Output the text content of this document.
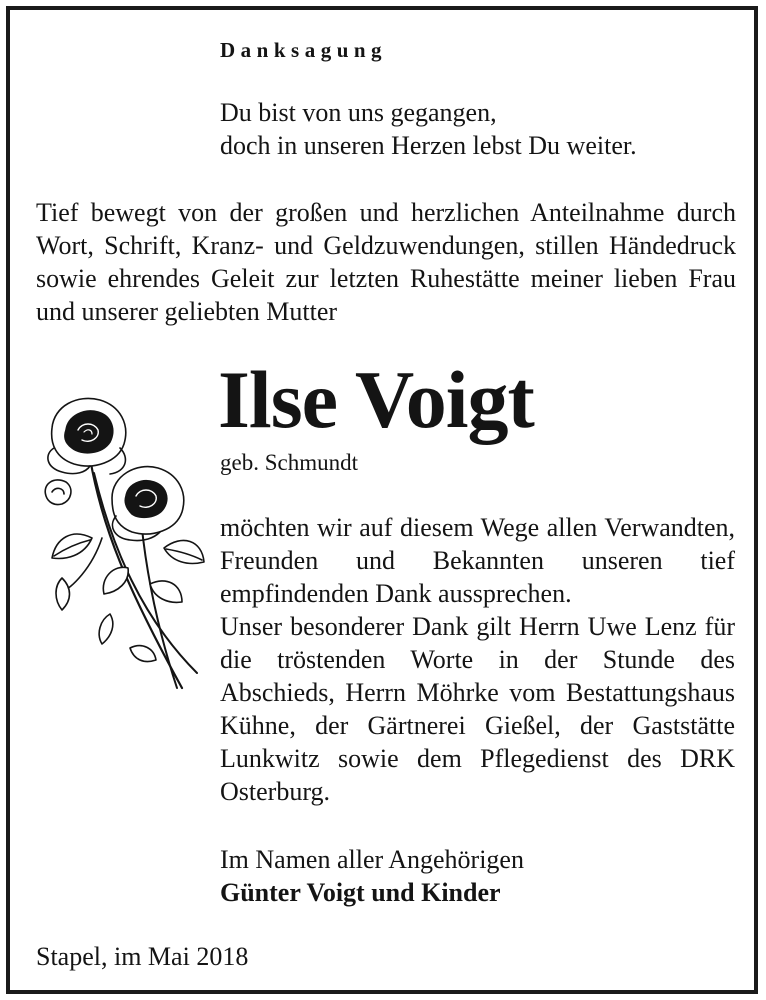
Danksagung
Du bist von uns gegangen,
doch in unseren Herzen lebst Du weiter.
Tief bewegt von der großen und herzlichen Anteilnahme durch Wort, Schrift, Kranz- und Geldzuwendungen, stillen Händedruck sowie ehrendes Geleit zur letzten Ruhestätte meiner lieben Frau und unserer geliebten Mutter
Ilse Voigt
geb. Schmundt

möchten wir auf diesem Wege allen Verwandten, Freunden und Bekannten unseren tief empfindenden Dank aussprechen.

Unser besonderer Dank gilt Herrn Uwe Lenz für die tröstenden Worte in der Stunde des Abschieds, Herrn Möhrke vom Bestattungshaus Kühne, der Gärtnerei Gießel, der Gaststätte Lunkwitz sowie dem Pflegedienst des DRK Osterburg.

Im Namen aller Angehörigen
Günter Voigt und Kinder
Stapel, im Mai 2018
